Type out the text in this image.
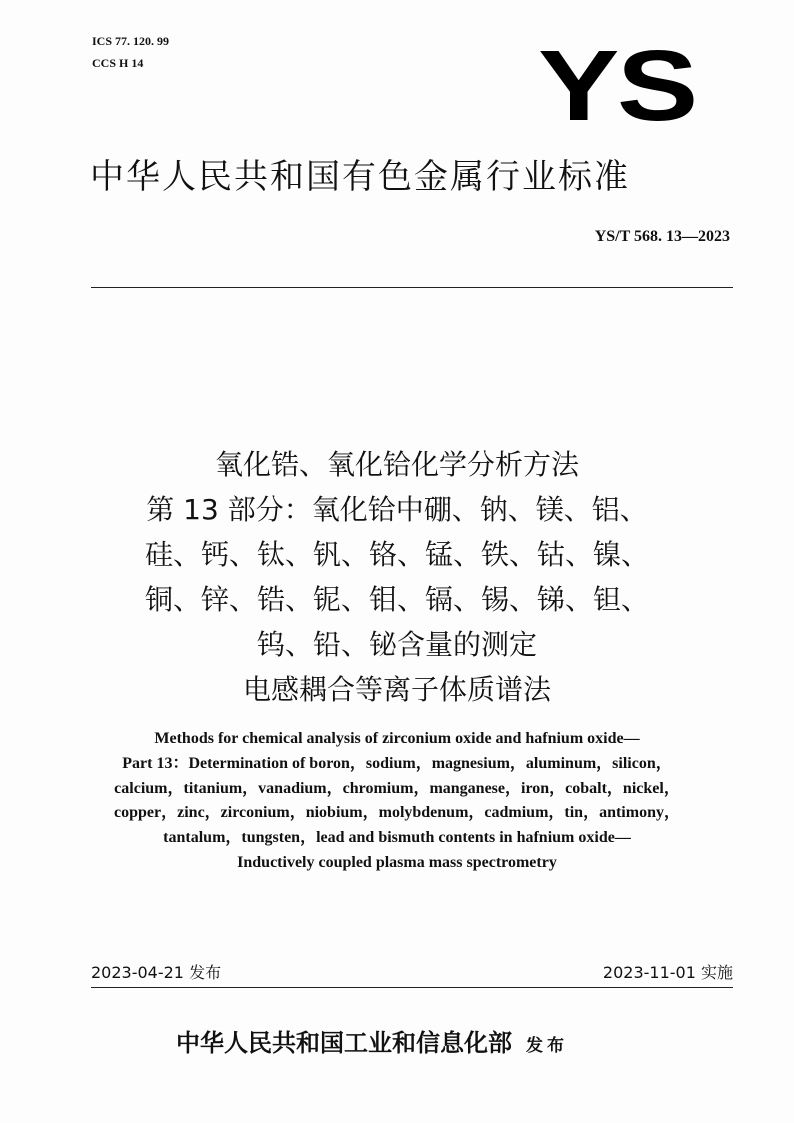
ICS 77. 120. 99
CCS H 14	YS
中华人民共和国有色金属行业标准
YS/T 568. 13—2023
氧化锆、氧化铪化学分析方法
第 13 部分：氧化铪中硼、钠、镁、铝、
硅、钙、钛、钒、铬、锰、铁、钴、镍、
铜、锌、锆、铌、钼、镉、锡、锑、钽、
钨、铅、铋含量的测定
电感耦合等离子体质谱法
Methods for chemical analysis of zirconium oxide and hafnium oxide—
Part 13：Determination of boron，sodium，magnesium，aluminum，silicon，
calcium，titanium，vanadium，chromium，manganese，iron，cobalt，nickel，
copper，zinc，zirconium，niobium，molybdenum，cadmium，tin，antimony，
tantalum，tungsten，lead and bismuth contents in hafnium oxide—
Inductively coupled plasma mass spectrometry
2023-04-21 发布	2023-11-01 实施
中华人民共和国工业和信息化部 发布
